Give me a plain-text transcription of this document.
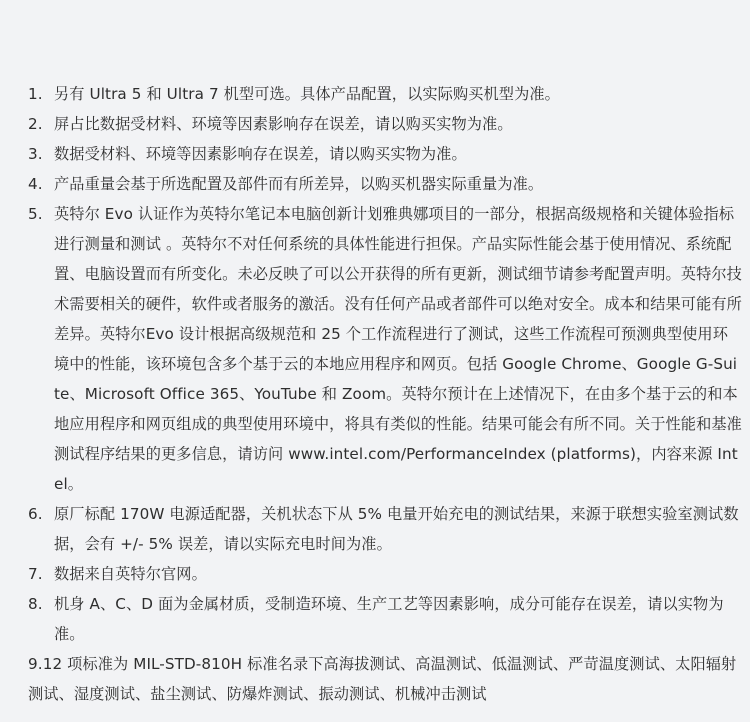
1. 另有 Ultra 5 和 Ultra 7 机型可选。具体产品配置，以实际购买机型为准。
2. 屏占比数据受材料、环境等因素影响存在误差，请以购买实物为准。
3. 数据受材料、环境等因素影响存在误差，请以购买实物为准。
4. 产品重量会基于所选配置及部件而有所差异，以购买机器实际重量为准。
5. 英特尔 Evo 认证作为英特尔笔记本电脑创新计划雅典娜项目的一部分，根据高级规格和关键体验指标进行测量和测试 。英特尔不对任何系统的具体性能进行担保。产品实际性能会基于使用情况、系统配置、电脑设置而有所变化。未必反映了可以公开获得的所有更新，测试细节请参考配置声明。英特尔技术需要相关的硬件，软件或者服务的激活。没有任何产品或者部件可以绝对安全。成本和结果可能有所差异。英特尔Evo 设计根据高级规范和 25 个工作流程进行了测试，这些工作流程可预测典型使用环境中的性能，该环境包含多个基于云的本地应用程序和网页。包括 Google Chrome、Google G-Suite、Microsoft Office 365、YouTube 和 Zoom。英特尔预计在上述情况下，在由多个基于云的和本地应用程序和网页组成的典型使用环境中，将具有类似的性能。结果可能会有所不同。关于性能和基准测试程序结果的更多信息，请访问 www.intel.com/PerformanceIndex (platforms)，内容来源 Intel。
6. 原厂标配 170W 电源适配器，关机状态下从 5% 电量开始充电的测试结果，来源于联想实验室测试数据，会有 +/- 5% 误差，请以实际充电时间为准。
7. 数据来自英特尔官网。
8. 机身 A、C、D 面为金属材质，受制造环境、生产工艺等因素影响，成分可能存在误差，请以实物为准。
9.12 项标准为 MIL-STD-810H 标准名录下高海拔测试、高温测试、低温测试、严苛温度测试、太阳辐射测试、湿度测试、盐尘测试、防爆炸测试、振动测试、机械冲击测试
